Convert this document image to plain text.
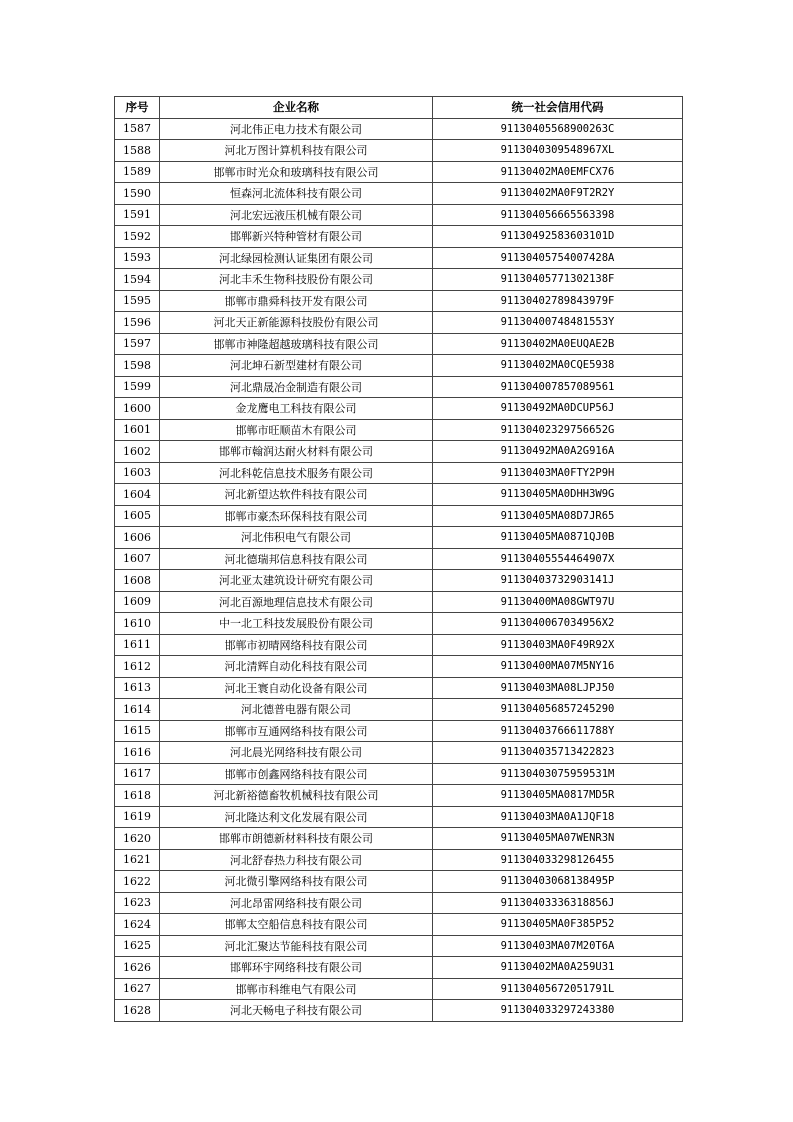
序号	企业名称	统一社会信用代码
1587	河北伟正电力技术有限公司	91130405568900263C
1588	河北万图计算机科技有限公司	9113040309548967XL
1589	邯郸市时光众和玻璃科技有限公司	91130402MA0EMFCX76
1590	恒森河北流体科技有限公司	91130402MA0F9T2R2Y
1591	河北宏远液压机械有限公司	911304056665563398
1592	邯郸新兴特种管材有限公司	91130492583603101D
1593	河北绿园检测认证集团有限公司	91130405754007428A
1594	河北丰禾生物科技股份有限公司	91130405771302138F
1595	邯郸市鼎舜科技开发有限公司	91130402789843979F
1596	河北天正新能源科技股份有限公司	91130400748481553Y
1597	邯郸市神隆超越玻璃科技有限公司	91130402MA0EUQAE2B
1598	河北坤石新型建材有限公司	91130402MA0CQE5938
1599	河北鼎晟冶金制造有限公司	911304007857089561
1600	金龙鹰电工科技有限公司	91130492MA0DCUP56J
1601	邯郸市旺顺苗木有限公司	91130402329756652G
1602	邯郸市翰润达耐火材料有限公司	91130492MA0A2G916A
1603	河北科乾信息技术服务有限公司	91130403MA0FTY2P9H
1604	河北新望达软件科技有限公司	91130405MA0DHH3W9G
1605	邯郸市豪杰环保科技有限公司	91130405MA08D7JR65
1606	河北伟积电气有限公司	91130405MA0871QJ0B
1607	河北德瑞邦信息科技有限公司	91130405554464907X
1608	河北亚太建筑设计研究有限公司	91130403732903141J
1609	河北百源地理信息技术有限公司	91130400MA08GWT97U
1610	中一北工科技发展股份有限公司	9113040067034956X2
1611	邯郸市初晴网络科技有限公司	91130403MA0F49R92X
1612	河北清辉自动化科技有限公司	91130400MA07M5NY16
1613	河北王寰自动化设备有限公司	91130403MA08LJPJ50
1614	河北德普电器有限公司	911304056857245290
1615	邯郸市互通网络科技有限公司	91130403766611788Y
1616	河北晨光网络科技有限公司	911304035713422823
1617	邯郸市创鑫网络科技有限公司	91130403075959531M
1618	河北新裕德畜牧机械科技有限公司	91130405MA0817MD5R
1619	河北隆达利文化发展有限公司	91130403MA0A1JQF18
1620	邯郸市朗德新材料科技有限公司	91130405MA07WENR3N
1621	河北舒春热力科技有限公司	911304033298126455
1622	河北微引擎网络科技有限公司	91130403068138495P
1623	河北昂雷网络科技有限公司	91130403336318856J
1624	邯郸太空船信息科技有限公司	91130405MA0F385P52
1625	河北汇聚达节能科技有限公司	91130403MA07M20T6A
1626	邯郸环宇网络科技有限公司	91130402MA0A259U31
1627	邯郸市科维电气有限公司	91130405672051791L
1628	河北天畅电子科技有限公司	911304033297243380
